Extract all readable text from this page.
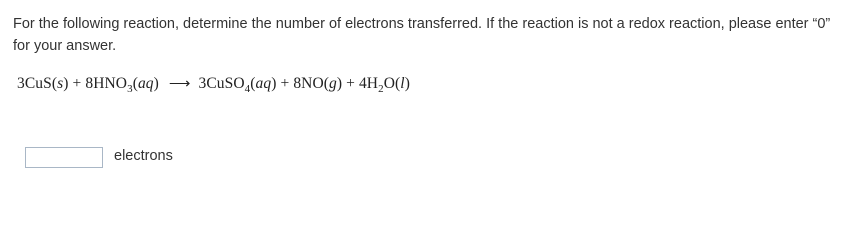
For the following reaction, determine the number of electrons transferred. If the reaction is not a redox reaction, please enter “0” for your answer.
$3CuS(s) + 8HNO_3(aq)$ ⟶ 3CuSO$_4$(aq) + $8NO(g) + 4H_2O(l)$
electrons
